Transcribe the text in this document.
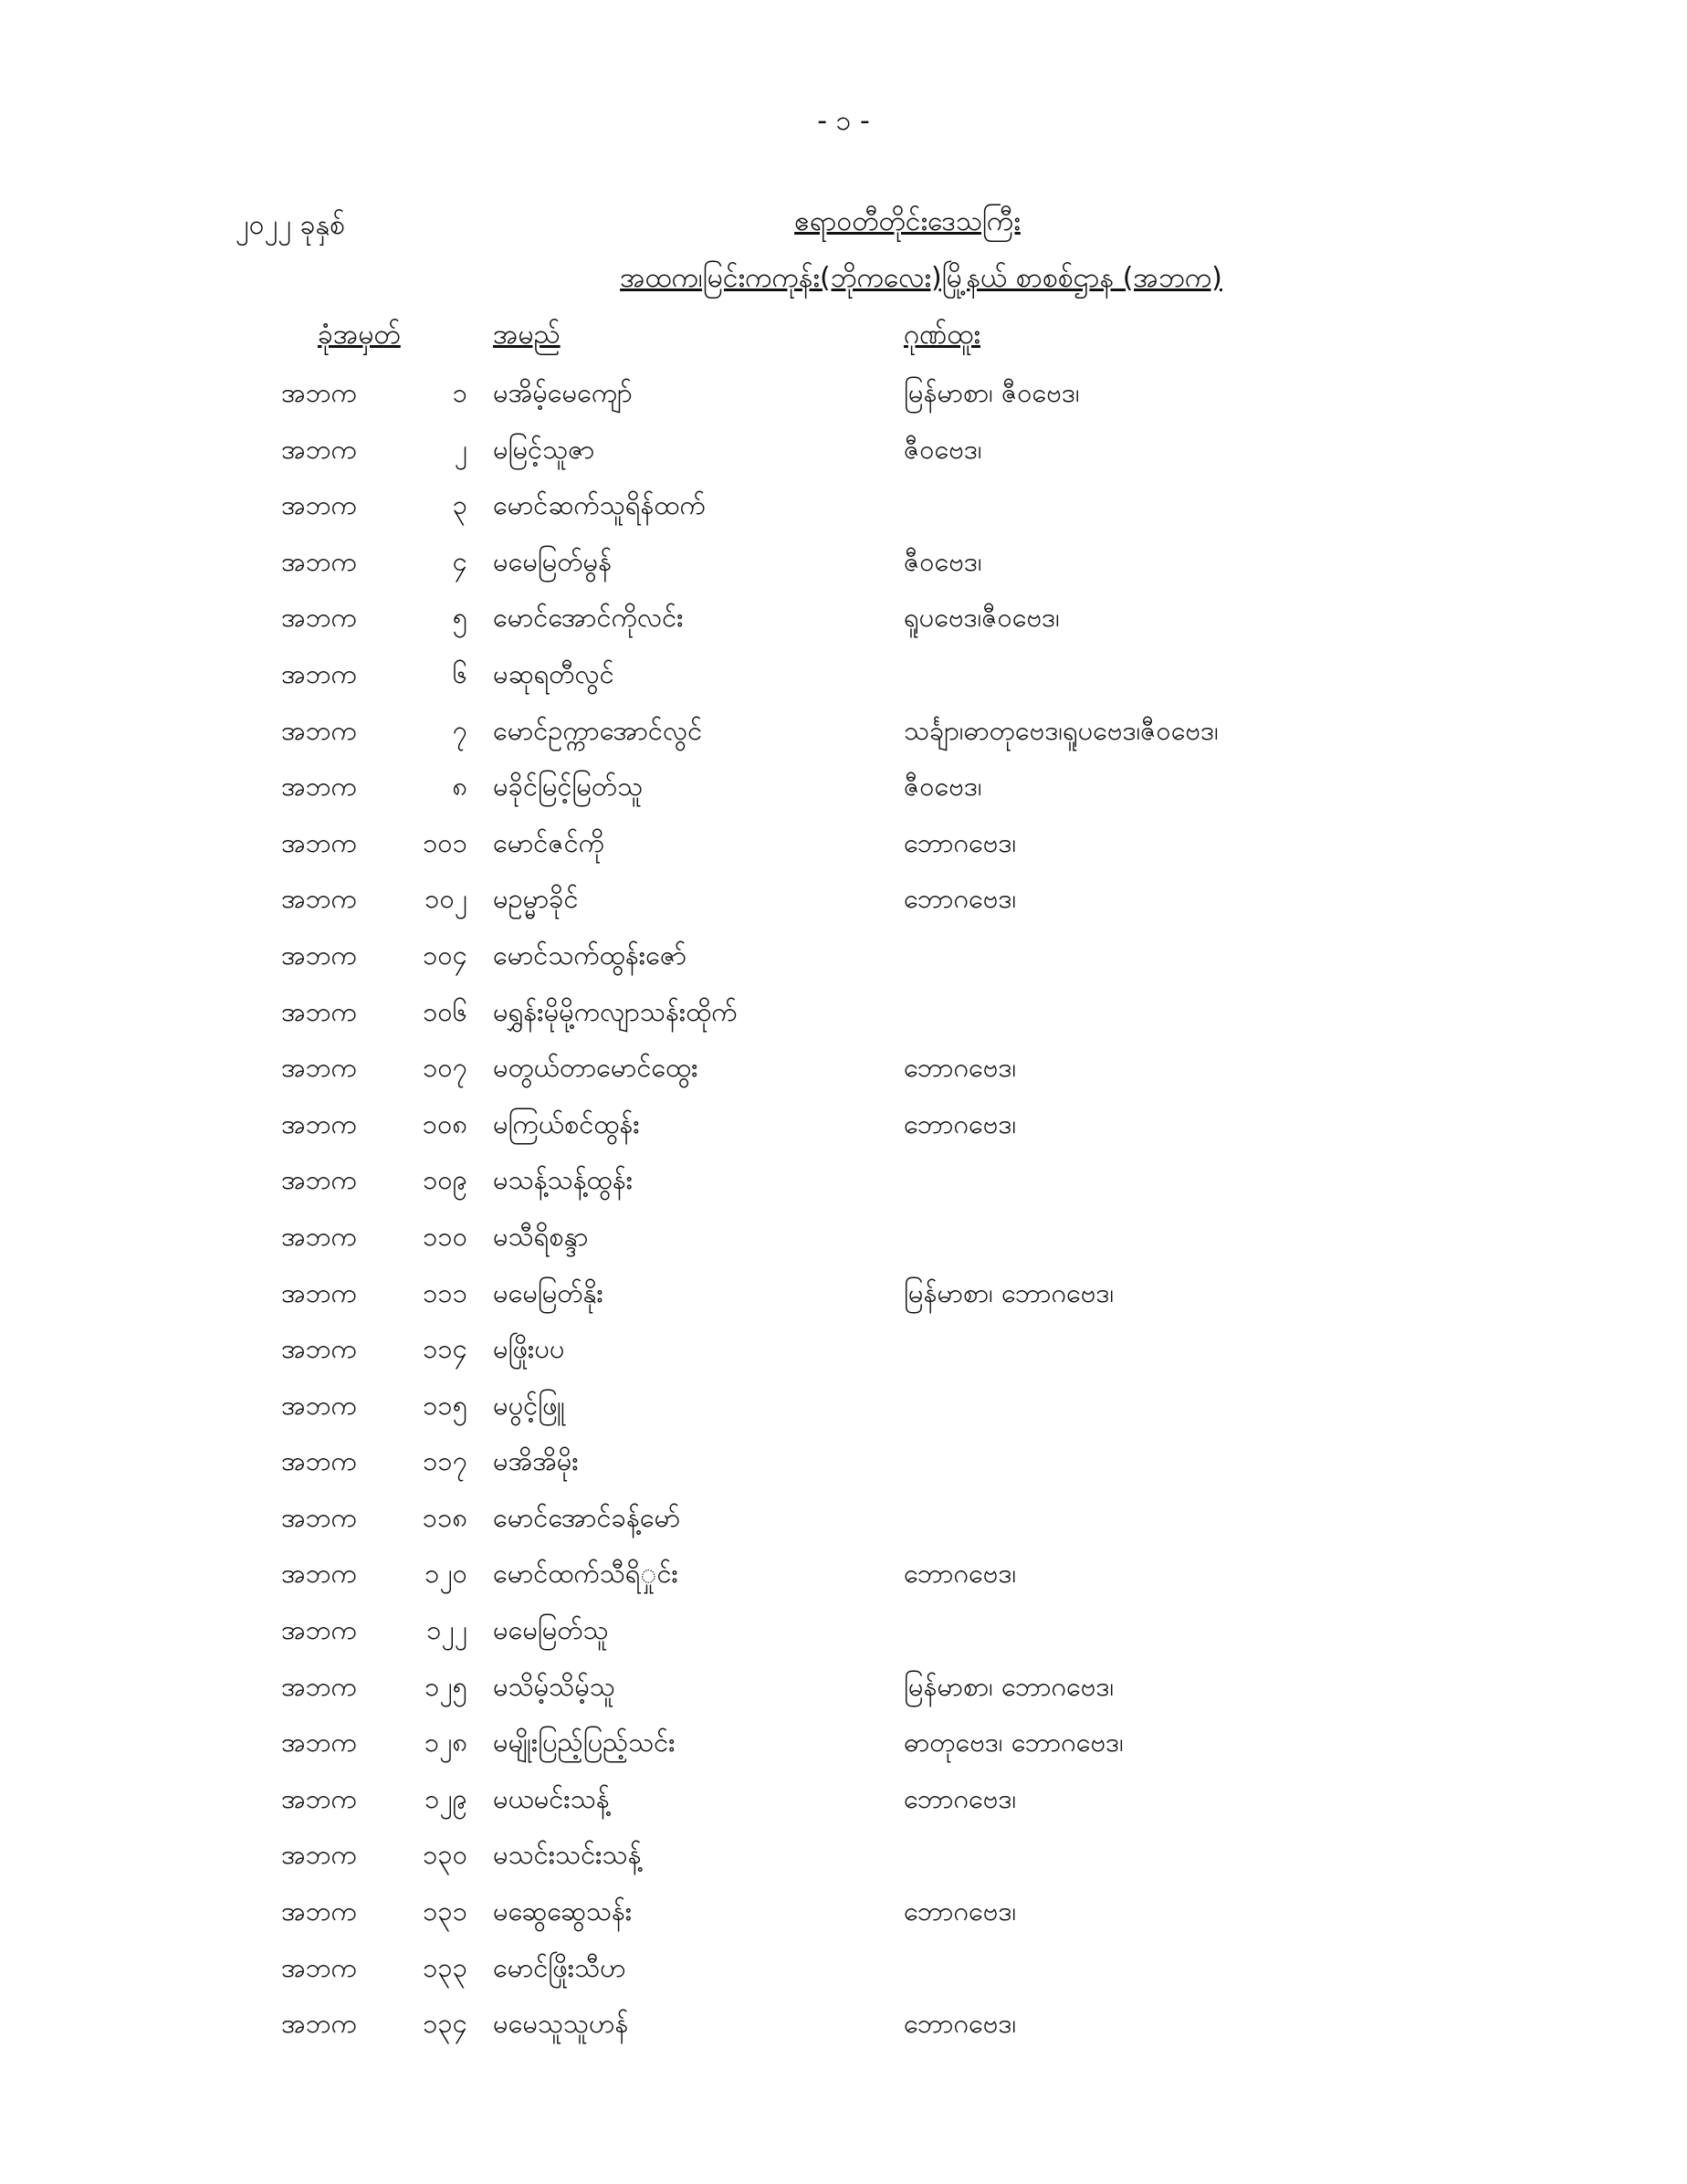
- ၁ -
၂၀၂၂ ခုနှစ်	ဧရာဝတီတိုင်းဒေသကြီး
အထက၊မြင်းကကုန်း(ဘိုကလေး)မြို့နယ် စာစစ်ဌာန (အဘက)
ခုံအမှတ်	အမည်	ဂုဏ်ထူး
အဘက	၁ မအိမ့်မေကျော်	မြန်မာစာ၊ ဇီဝဗေဒ၊
အဘက	၂ မမြင့်သူဇာ	ဇီဝဗေဒ၊
အဘက	၃ မောင်ဆက်သူရိန်ထက်
အဘက	၄ မမေမြတ်မွန်	ဇီဝဗေဒ၊
အဘက	၅ မောင်အောင်ကိုလင်း	ရူပဗေဒ၊ဇီဝဗေဒ၊
အဘက	၆ မဆုရတီလွင်
အဘက	၇ မောင်ဥက္ကာအောင်လွင်	သင်္ချာ၊ဓာတုဗေဒ၊ရူပဗေဒ၊ဇီဝဗေဒ၊
အဘက	၈ မခိုင်မြင့်မြတ်သူ	ဇီဝဗေဒ၊
အဘက	၁၀၁ မောင်ဇင်ကို	ဘောဂဗေဒ၊
အဘက	၁၀၂ မဥမ္မာခိုင်	ဘောဂဗေဒ၊
အဘက	၁၀၄ မောင်သက်ထွန်းဇော်
အဘက	၁၀၆ မရွှန်းမိုမို့ကလျာသန်းထိုက်
အဘက	၁၀၇ မတွယ်တာမောင်ထွေး	ဘောဂဗေဒ၊
အဘက	၁၀၈ မကြယ်စင်ထွန်း	ဘောဂဗေဒ၊
အဘက	၁၀၉ မသန့်သန့်ထွန်း
အဘက	၁၁၀ မသီရိစန္ဒာ
အဘက	၁၁၁ မမေမြတ်နိုး	မြန်မာစာ၊ ဘောဂဗေဒ၊
အဘက	၁၁၄ မဖြိုးပပ
အဘက	၁၁၅ မပွင့်ဖြူ
အဘက	၁၁၇ မအိအိမိုး
အဘက	၁၁၈ မောင်အောင်ခန့်မော်
အဘက	၁၂၀ မောင်ထက်သီရိှုင်း	ဘောဂဗေဒ၊
အဘက	၁၂၂ မမေမြတ်သူ
အဘက	၁၂၅ မသိမ့်သိမ့်သူ	မြန်မာစာ၊ ဘောဂဗေဒ၊
အဘက	၁၂၈ မမျိုးပြည့်ပြည့်သင်း	ဓာတုဗေဒ၊ ဘောဂဗေဒ၊
အဘက	၁၂၉ မယမင်းသန့်	ဘောဂဗေဒ၊
အဘက	၁၃၀ မသင်းသင်းသန့်
အဘက	၁၃၁ မဆွေဆွေသန်း	ဘောဂဗေဒ၊
အဘက	၁၃၃ မောင်ဖြိုးသီဟ
အဘက	၁၃၄ မမေသူသူဟန်	ဘောဂဗေဒ၊
